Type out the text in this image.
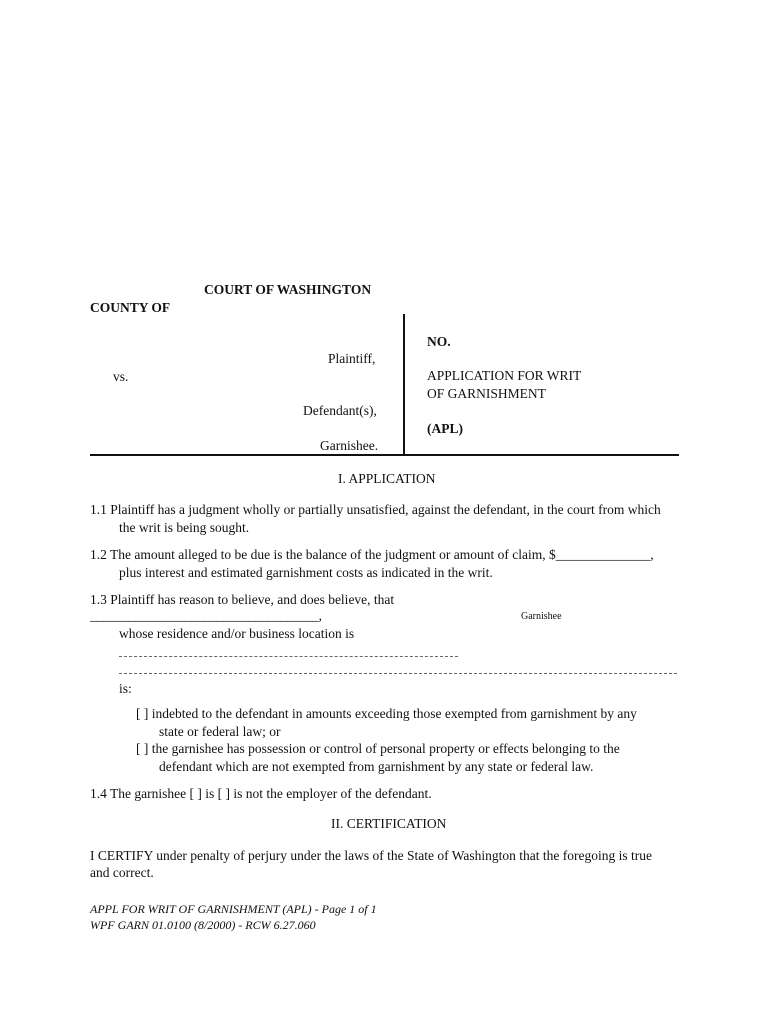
COURT OF WASHINGTON
COUNTY OF
Plaintiff,
vs.
Defendant(s),
Garnishee.
NO.
APPLICATION FOR WRIT
OF GARNISHMENT
(APL)
I. APPLICATION
1.1 Plaintiff has a judgment wholly or partially unsatisfied, against the defendant, in the court from which
the writ is being sought.
1.2 The amount alleged to be due is the balance of the judgment or amount of claim, $______________,
plus interest and estimated garnishment costs as indicated in the writ.
1.3 Plaintiff has reason to believe, and does believe, that
____________________________________,	Garnishee
whose residence and/or business location is
is:
[ ] indebted to the defendant in amounts exceeding those exempted from garnishment by any
state or federal law; or
[ ] the garnishee has possession or control of personal property or effects belonging to the
defendant which are not exempted from garnishment by any state or federal law.
1.4 The garnishee [ ] is [ ] is not the employer of the defendant.
II. CERTIFICATION
I CERTIFY under penalty of perjury under the laws of the State of Washington that the foregoing is true
and correct.
APPL FOR WRIT OF GARNISHMENT (APL) - Page 1 of 1
WPF GARN 01.0100 (8/2000) - RCW 6.27.060
